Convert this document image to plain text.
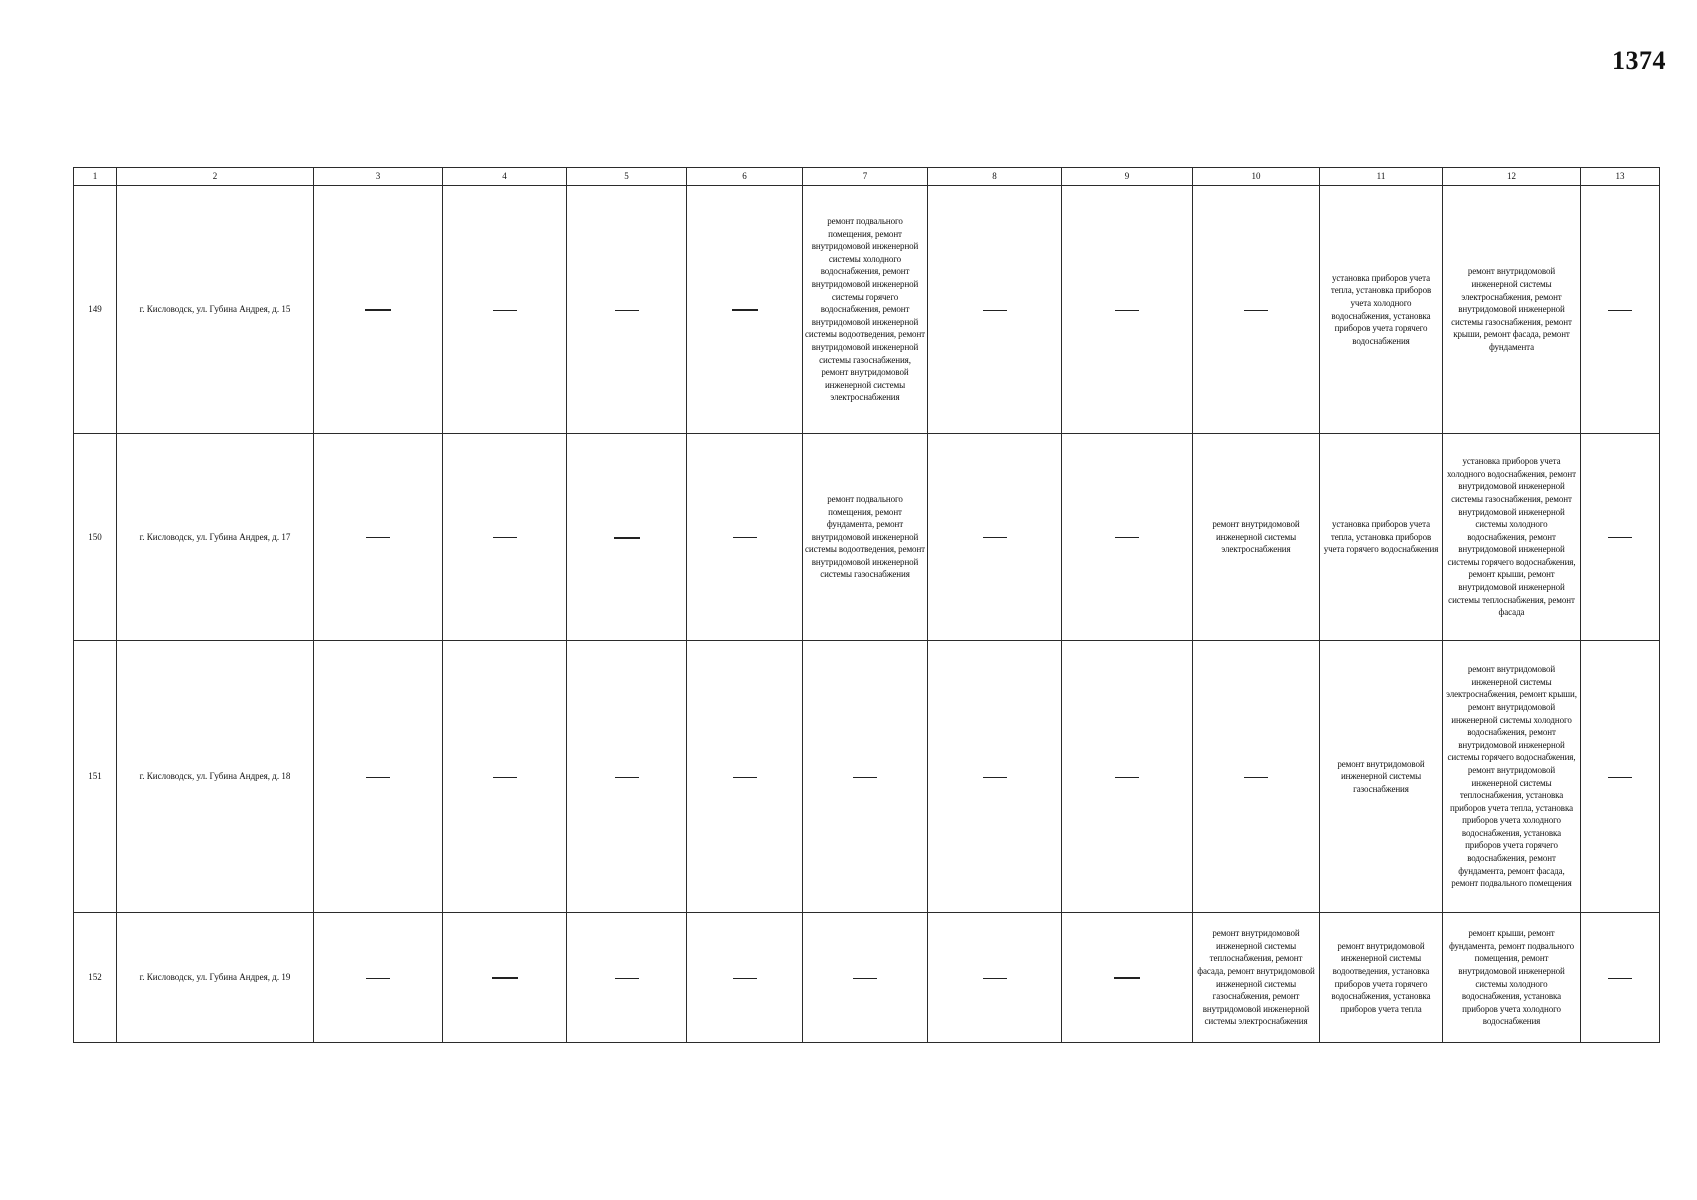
1374
1	2	3	4	5	6	7	8	9	10	11	12	13
149	г. Кисловодск, ул. Губина Андрея, д. 15					ремонт подвального помещения, ремонт внутридомовой инженерной системы холодного водоснабжения, ремонт внутридомовой инженерной системы горячего водоснабжения, ремонт внутридомовой инженерной системы водоотведения, ремонт внутридомовой инженерной системы газоснабжения, ремонт внутридомовой инженерной системы электроснабжения				установка приборов учета тепла, установка приборов учета холодного водоснабжения, установка приборов учета горячего водоснабжения	ремонт внутридомовой инженерной системы электроснабжения, ремонт внутридомовой инженерной системы газоснабжения, ремонт крыши, ремонт фасада, ремонт фундамента	
150	г. Кисловодск, ул. Губина Андрея, д. 17					ремонт подвального помещения, ремонт фундамента, ремонт внутридомовой инженерной системы водоотведения, ремонт внутридомовой инженерной системы газоснабжения			ремонт внутридомовой инженерной системы электроснабжения	установка приборов учета тепла, установка приборов учета горячего водоснабжения	установка приборов учета холодного водоснабжения, ремонт внутридомовой инженерной системы газоснабжения, ремонт внутридомовой инженерной системы холодного водоснабжения, ремонт внутридомовой инженерной системы горячего водоснабжения, ремонт крыши, ремонт внутридомовой инженерной системы теплоснабжения, ремонт фасада	
151	г. Кисловодск, ул. Губина Андрея, д. 18									ремонт внутридомовой инженерной системы газоснабжения	ремонт внутридомовой инженерной системы электроснабжения, ремонт крыши, ремонт внутридомовой инженерной системы холодного водоснабжения, ремонт внутридомовой инженерной системы горячего водоснабжения, ремонт внутридомовой инженерной системы теплоснабжения, установка приборов учета тепла, установка приборов учета холодного водоснабжения, установка приборов учета горячего водоснабжения, ремонт фундамента, ремонт фасада, ремонт подвального помещения	
152	г. Кисловодск, ул. Губина Андрея, д. 19								ремонт внутридомовой инженерной системы теплоснабжения, ремонт фасада, ремонт внутридомовой инженерной системы газоснабжения, ремонт внутридомовой инженерной системы электроснабжения	ремонт внутридомовой инженерной системы водоотведения, установка приборов учета горячего водоснабжения, установка приборов учета тепла	ремонт крыши, ремонт фундамента, ремонт подвального помещения, ремонт внутридомовой инженерной системы холодного водоснабжения, установка приборов учета холодного водоснабжения	
